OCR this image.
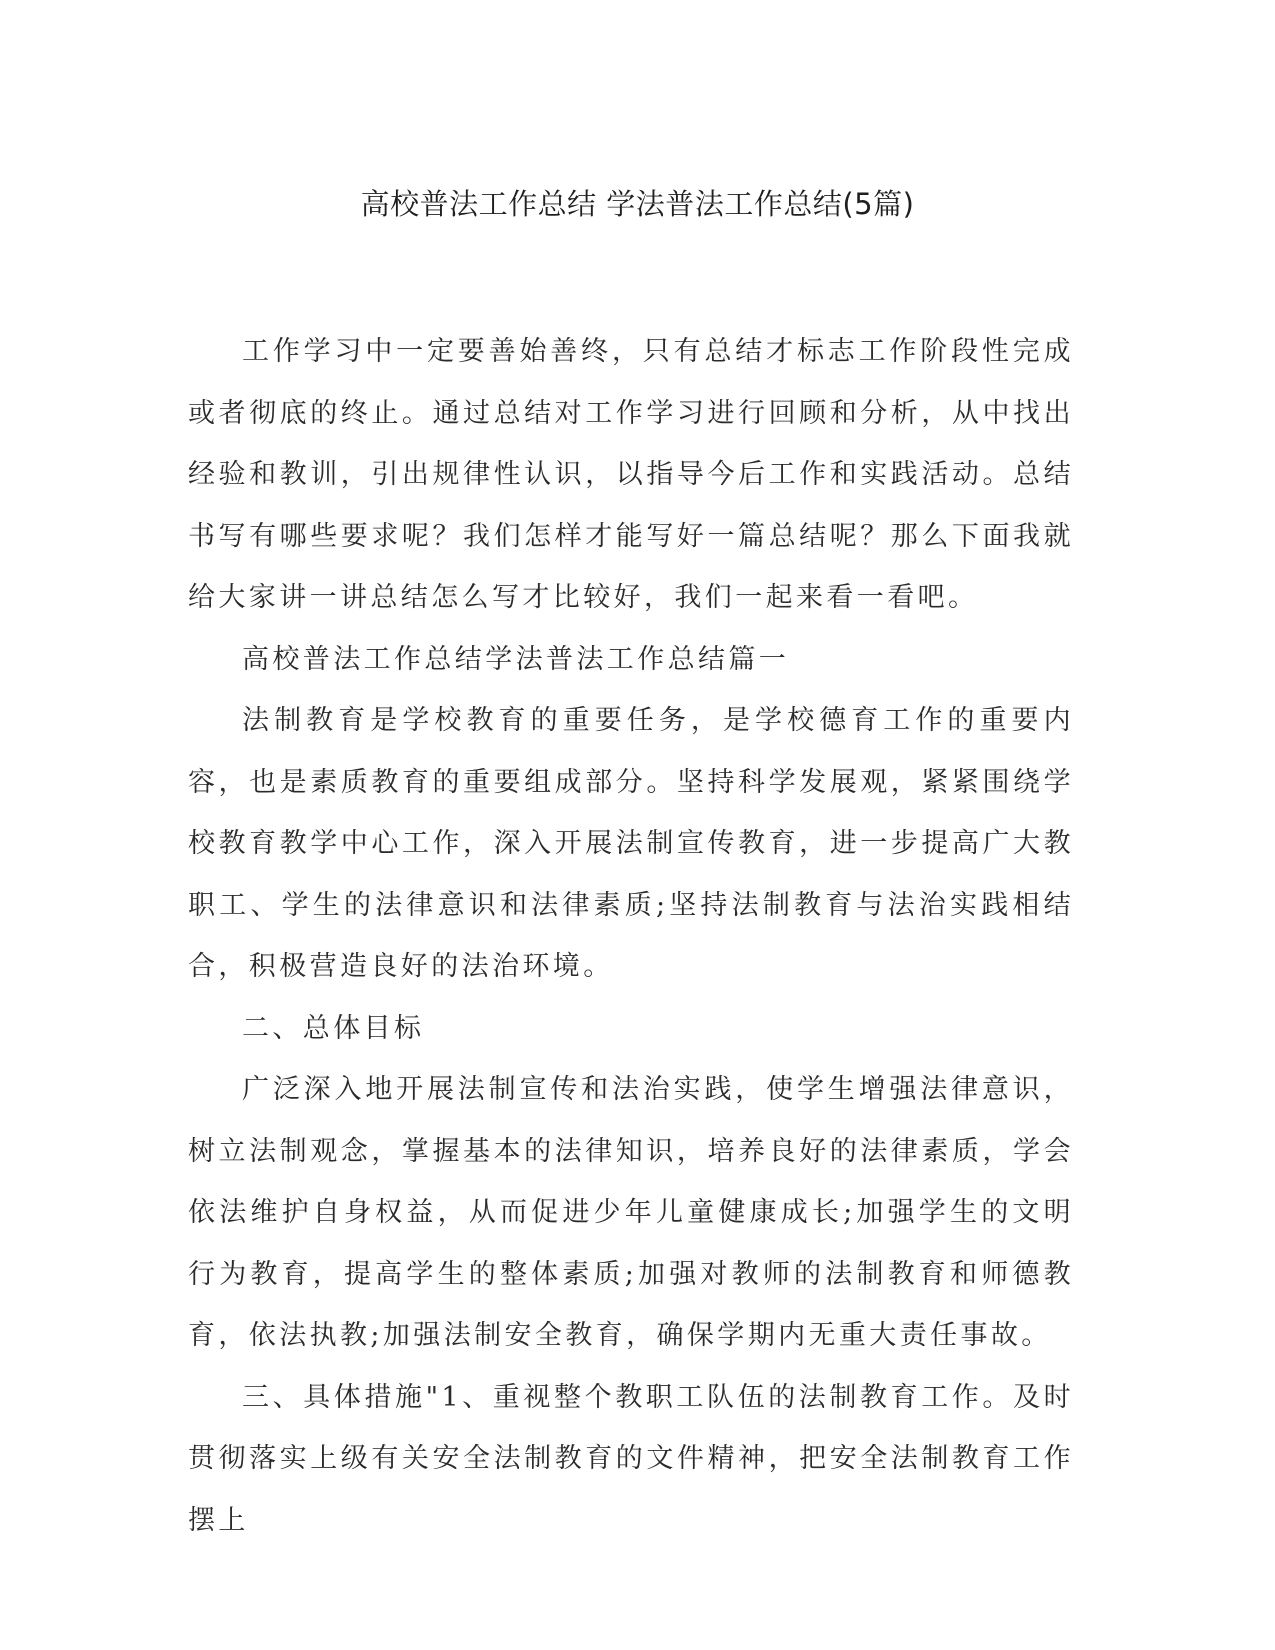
高校普法工作总结 学法普法工作总结(5篇)

工作学习中一定要善始善终，只有总结才标志工作阶段性完成或者彻底的终止。通过总结对工作学习进行回顾和分析，从中找出经验和教训，引出规律性认识，以指导今后工作和实践活动。总结书写有哪些要求呢？我们怎样才能写好一篇总结呢？那么下面我就给大家讲一讲总结怎么写才比较好，我们一起来看一看吧。

高校普法工作总结学法普法工作总结篇一

法制教育是学校教育的重要任务，是学校德育工作的重要内容，也是素质教育的重要组成部分。坚持科学发展观，紧紧围绕学校教育教学中心工作，深入开展法制宣传教育，进一步提高广大教职工、学生的法律意识和法律素质;坚持法制教育与法治实践相结合，积极营造良好的法治环境。

二、总体目标

广泛深入地开展法制宣传和法治实践，使学生增强法律意识，树立法制观念，掌握基本的法律知识，培养良好的法律素质，学会依法维护自身权益，从而促进少年儿童健康成长;加强学生的文明行为教育，提高学生的整体素质;加强对教师的法制教育和师德教育，依法执教;加强法制安全教育，确保学期内无重大责任事故。

三、具体措施"1、重视整个教职工队伍的法制教育工作。及时贯彻落实上级有关安全法制教育的文件精神，把安全法制教育工作摆上
